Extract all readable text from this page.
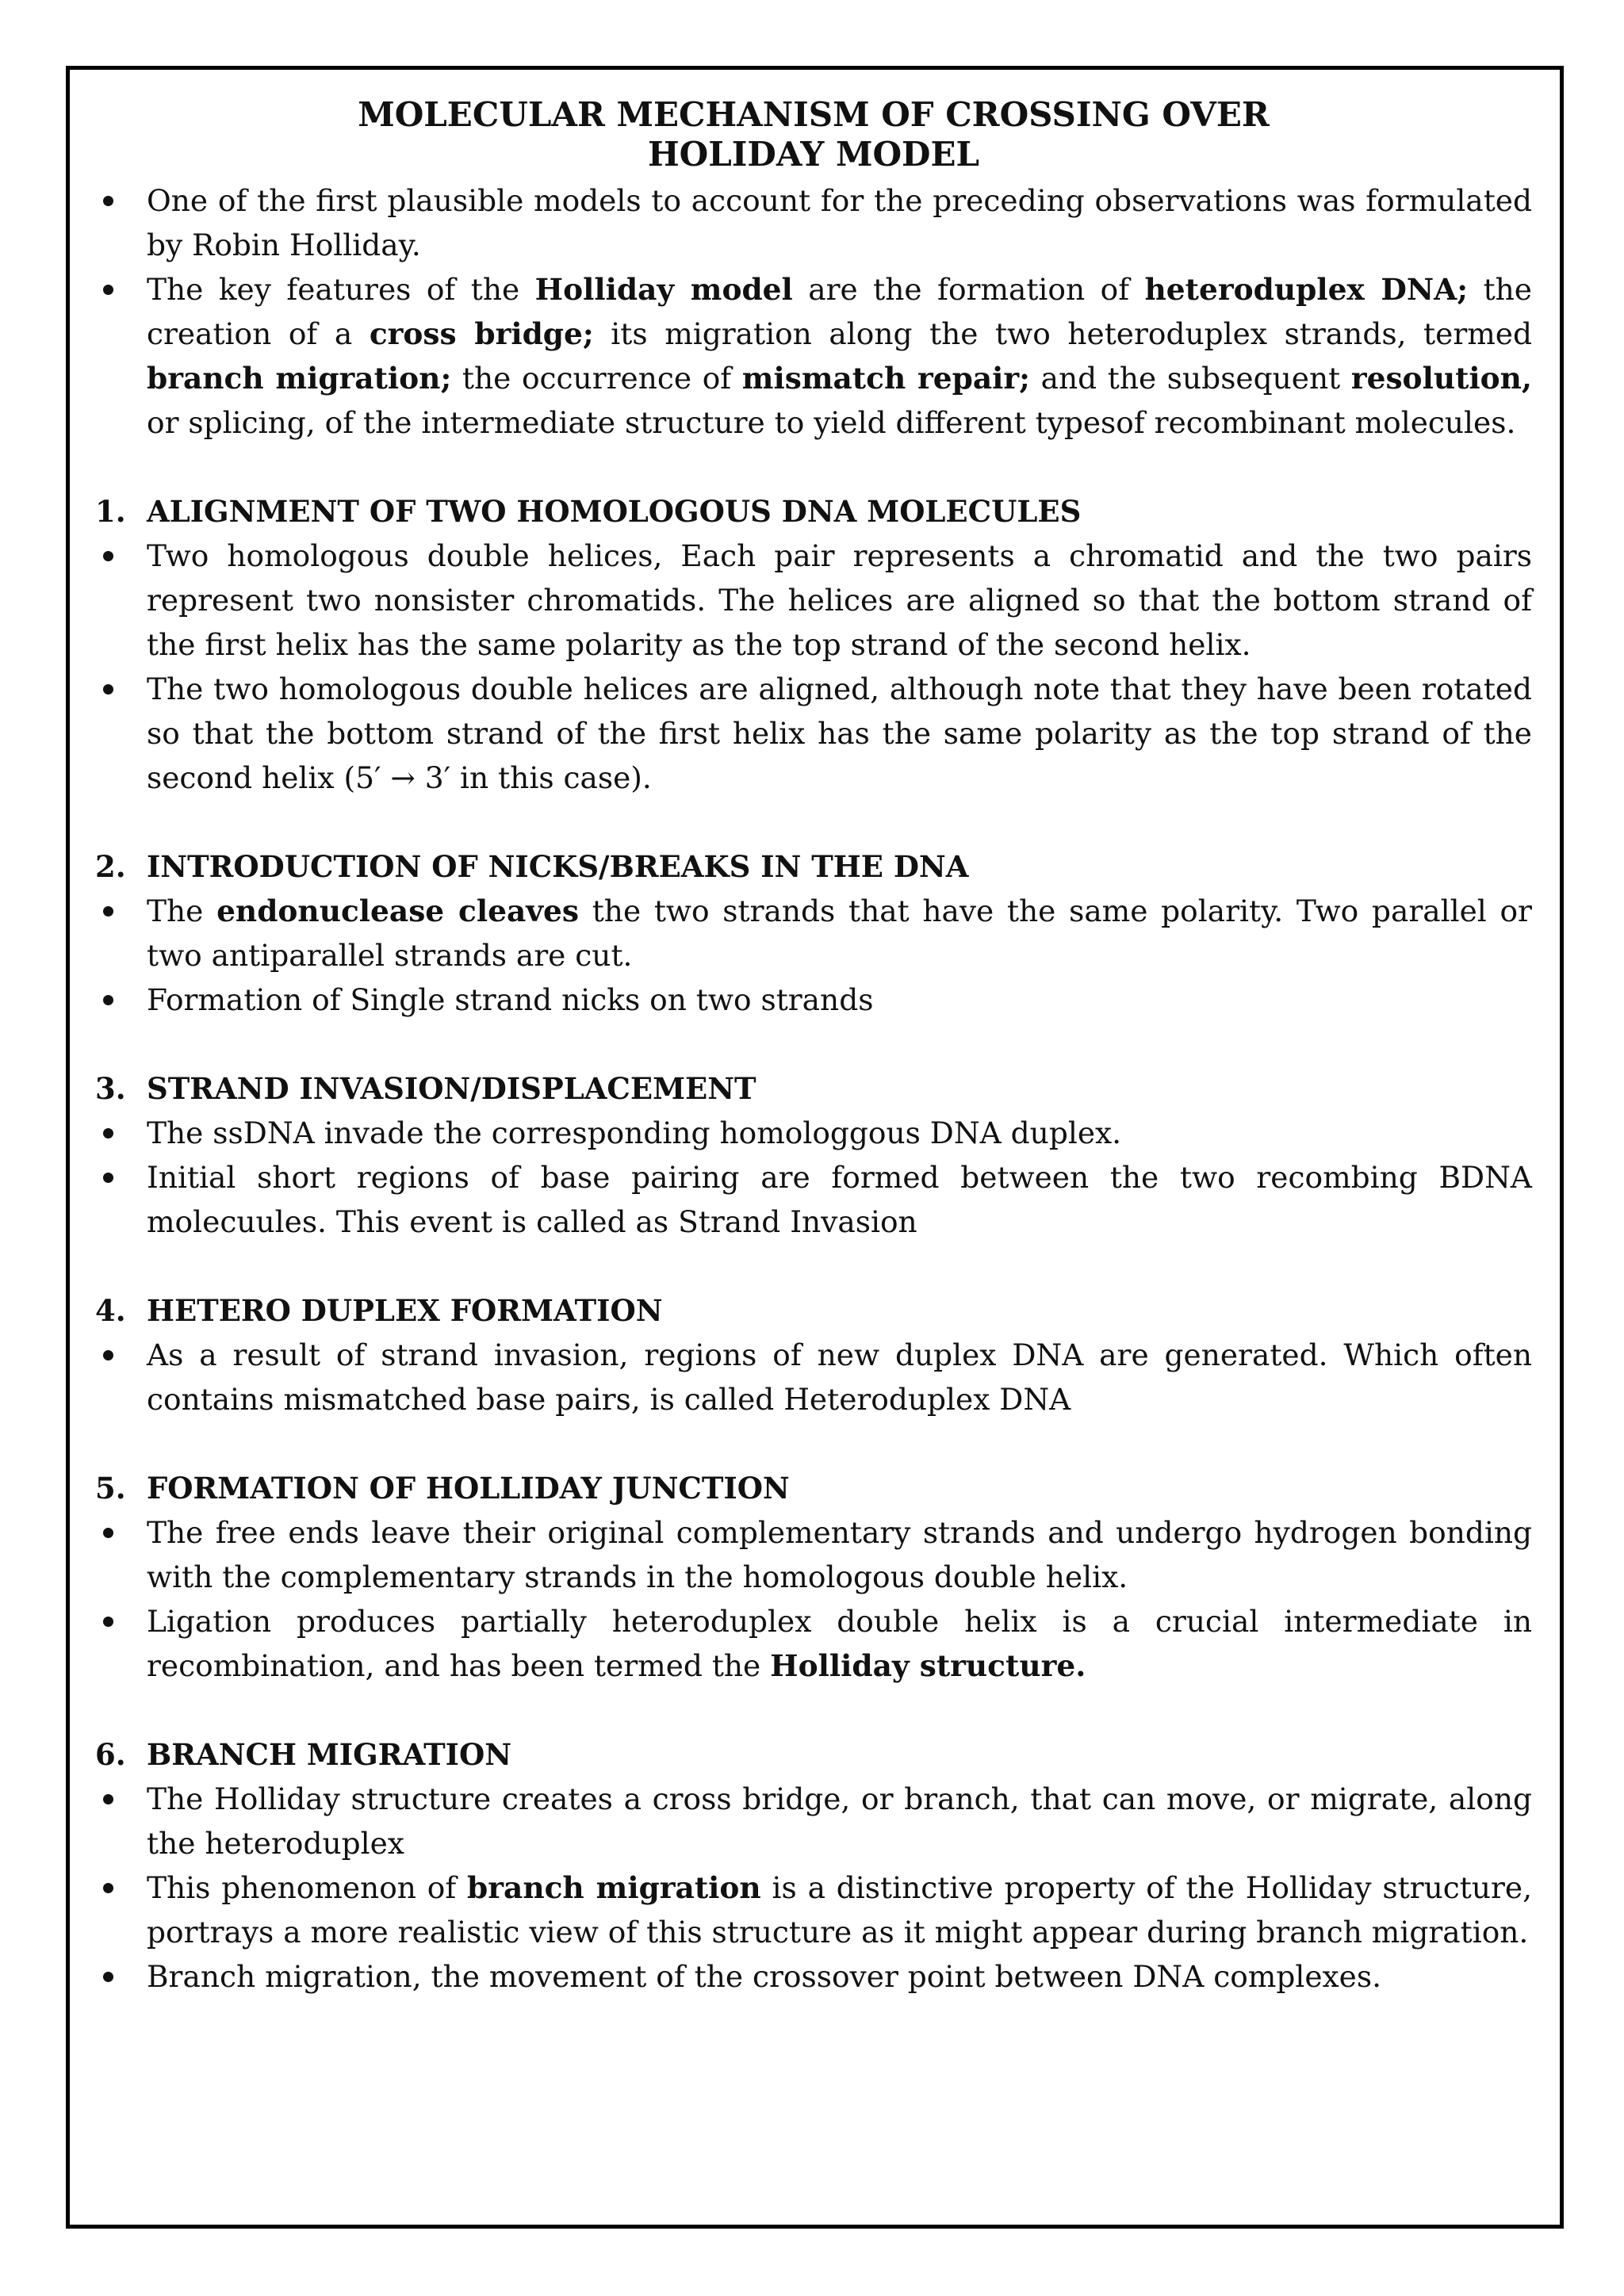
MOLECULAR MECHANISM OF CROSSING OVER
HOLIDAY MODEL
One of the first plausible models to account for the preceding observations was formulated by Robin Holliday.
The key features of the Holliday model are the formation of heteroduplex DNA; the creation of a cross bridge; its migration along the two heteroduplex strands, termed branch migration; the occurrence of mismatch repair; and the subsequent resolution, or splicing, of the intermediate structure to yield different typesof recombinant molecules.
1. ALIGNMENT OF TWO HOMOLOGOUS DNA MOLECULES
Two homologous double helices, Each pair represents a chromatid and the two pairs represent two nonsister chromatids. The helices are aligned so that the bottom strand of the first helix has the same polarity as the top strand of the second helix.
The two homologous double helices are aligned, although note that they have been rotated so that the bottom strand of the first helix has the same polarity as the top strand of the second helix (5′ → 3′ in this case).
2. INTRODUCTION OF NICKS/BREAKS IN THE DNA
The endonuclease cleaves the two strands that have the same polarity. Two parallel or two antiparallel strands are cut.
Formation of Single strand nicks on two strands
3. STRAND INVASION/DISPLACEMENT
The ssDNA invade the corresponding homologgous DNA duplex.
Initial short regions of base pairing are formed between the two recombing BDNA molecuules. This event is called as Strand Invasion
4. HETERO DUPLEX FORMATION
As a result of strand invasion, regions of new duplex DNA are generated. Which often contains mismatched base pairs, is called Heteroduplex DNA
5. FORMATION OF HOLLIDAY JUNCTION
The free ends leave their original complementary strands and undergo hydrogen bonding with the complementary strands in the homologous double helix.
Ligation produces partially heteroduplex double helix is a crucial intermediate in recombination, and has been termed the Holliday structure.
6. BRANCH MIGRATION
The Holliday structure creates a cross bridge, or branch, that can move, or migrate, along the heteroduplex
This phenomenon of branch migration is a distinctive property of the Holliday structure, portrays a more realistic view of this structure as it might appear during branch migration.
Branch migration, the movement of the crossover point between DNA complexes.
